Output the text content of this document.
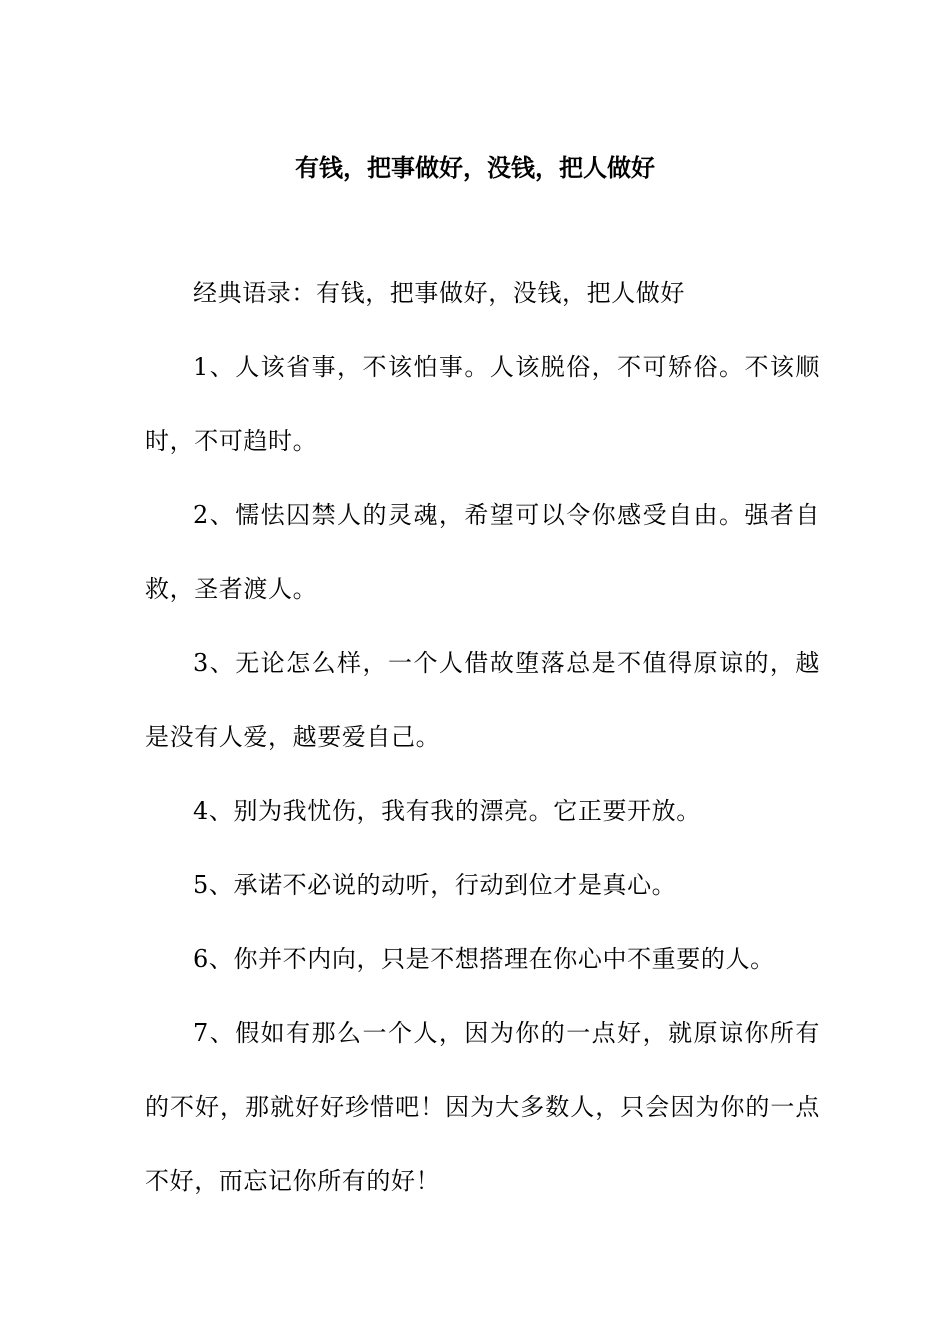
有钱，把事做好，没钱，把人做好

经典语录：有钱，把事做好，没钱，把人做好

1、人该省事，不该怕事。人该脱俗，不可矫俗。不该顺时，不可趋时。

2、懦怯囚禁人的灵魂，希望可以令你感受自由。强者自救，圣者渡人。

3、无论怎么样，一个人借故堕落总是不值得原谅的，越是没有人爱，越要爱自己。

4、别为我忧伤，我有我的漂亮。它正要开放。

5、承诺不必说的动听，行动到位才是真心。

6、你并不内向，只是不想搭理在你心中不重要的人。

7、假如有那么一个人，因为你的一点好，就原谅你所有的不好，那就好好珍惜吧！因为大多数人，只会因为你的一点不好，而忘记你所有的好！
